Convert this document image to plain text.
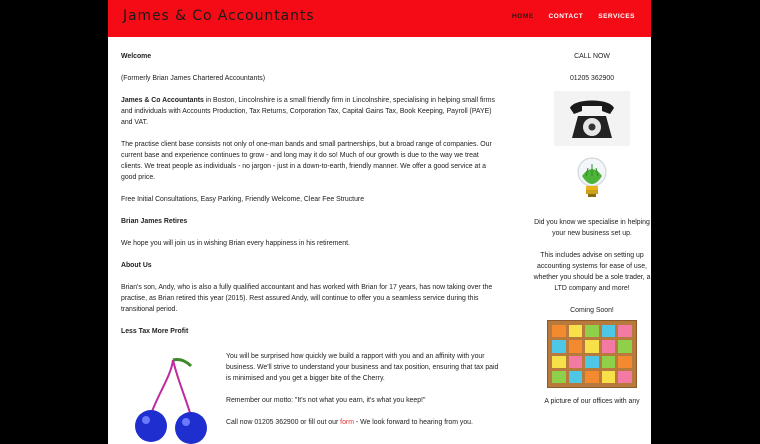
James & Co Accountants	HOME CONTACT SERVICES

Welcome

(Formerly Brian James Chartered Accountants)

James & Co Accountants in Boston, Lincolnshire is a small friendly firm in Lincolnshire, specialising in helping small firms and individuals with Accounts Production, Tax Returns, Corporation Tax, Capital Gains Tax, Book Keeping, Payroll (PAYE) and VAT.

The practise client base consists not only of one-man bands and small partnerships, but a broad range of companies. Our current base and experience continues to grow - and long may it do so! Much of our growth is due to the way we treat clients. We treat people as individuals - no jargon - just in a down-to-earth, friendly manner. We offer a good service at a good price.

Free Initial Consultations, Easy Parking, Friendly Welcome, Clear Fee Structure

Brian James Retires

We hope you will join us in wishing Brian every happiness in his retirement.

About Us

Brian's son, Andy, who is also a fully qualified accountant and has worked with Brian for 17 years, has now taking over the practise, as Brian retired this year (2015). Rest assured Andy, will continue to offer you a seamless service during this transitional period.

Less Tax More Profit

You will be surprised how quickly we build a rapport with you and an affinity with your business. We'll strive to understand your business and tax position, ensuring that tax paid is minimised and you get a bigger bite of the Cherry.

Remember our motto: "It's not what you earn, it's what you keep!"

Call now 01205 362900 or fill out our form - We look forward to hearing from you.

CALL NOW

01205 362900

Did you know we specialise in helping your new business set up.

This includes advise on setting up accounting systems for ease of use, whether you should be a sole trader, a LTD company and more!

Coming Soon!

A picture of our offices with any
